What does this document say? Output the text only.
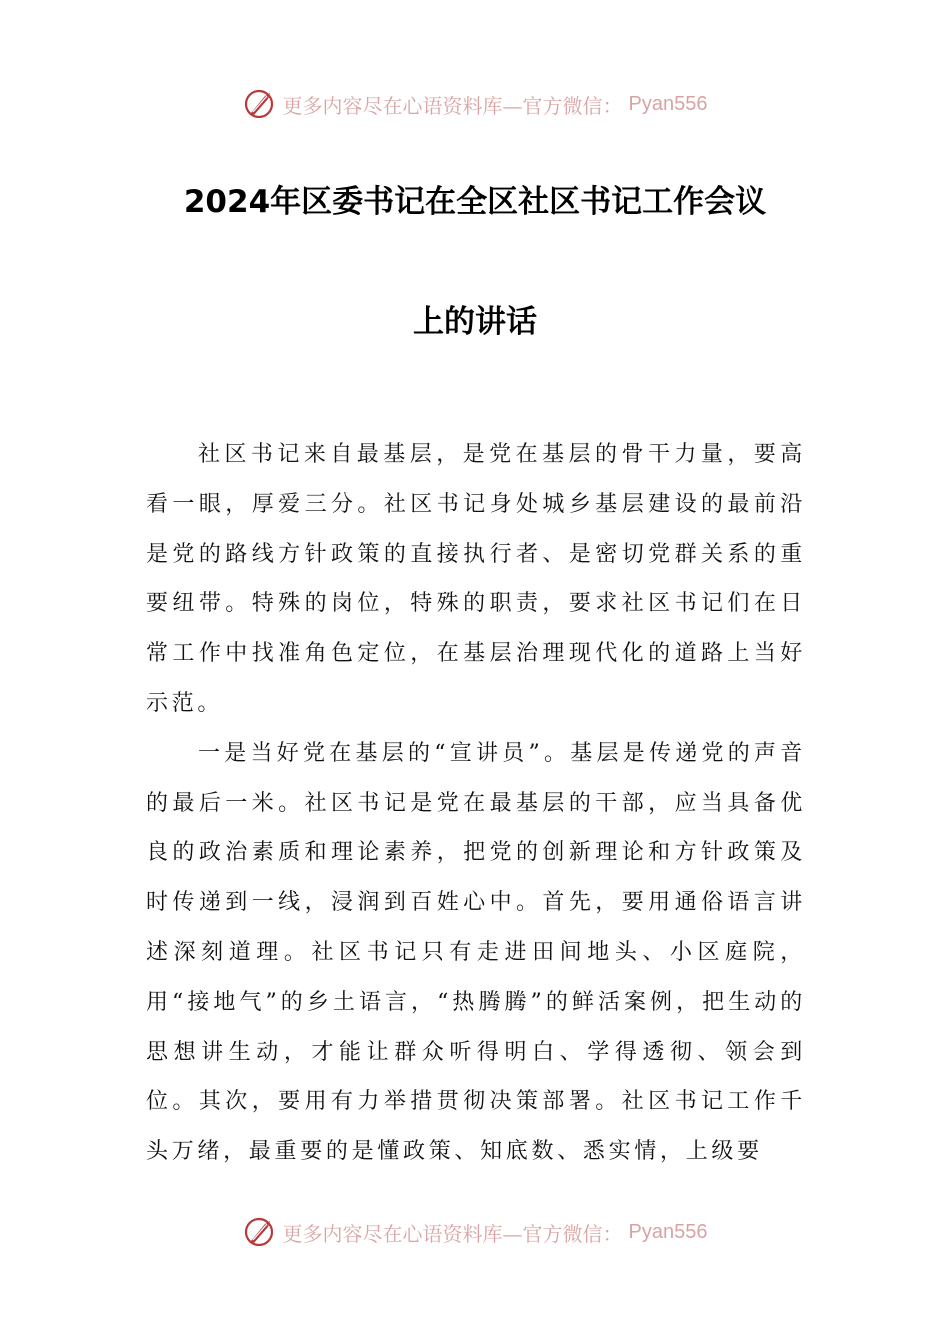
更多内容尽在心语资料库—官方微信： Pyan556
2024年区委书记在全区社区书记工作会议
上的讲话

社区书记来自最基层，是党在基层的骨干力量，要高看一眼，厚爱三分。社区书记身处城乡基层建设的最前沿是党的路线方针政策的直接执行者、是密切党群关系的重要纽带。特殊的岗位，特殊的职责，要求社区书记们在日常工作中找准角色定位，在基层治理现代化的道路上当好示范。

一是当好党在基层的“宣讲员”。基层是传递党的声音的最后一米。社区书记是党在最基层的干部，应当具备优良的政治素质和理论素养，把党的创新理论和方针政策及时传递到一线，浸润到百姓心中。首先，要用通俗语言讲述深刻道理。社区书记只有走进田间地头、小区庭院，用“接地气”的乡土语言，“热腾腾”的鲜活案例，把生动的思想讲生动，才能让群众听得明白、学得透彻、领会到位。其次，要用有力举措贯彻决策部署。社区书记工作千头万绪，最重要的是懂政策、知底数、悉实情，上级要

更多内容尽在心语资料库—官方微信： Pyan556
